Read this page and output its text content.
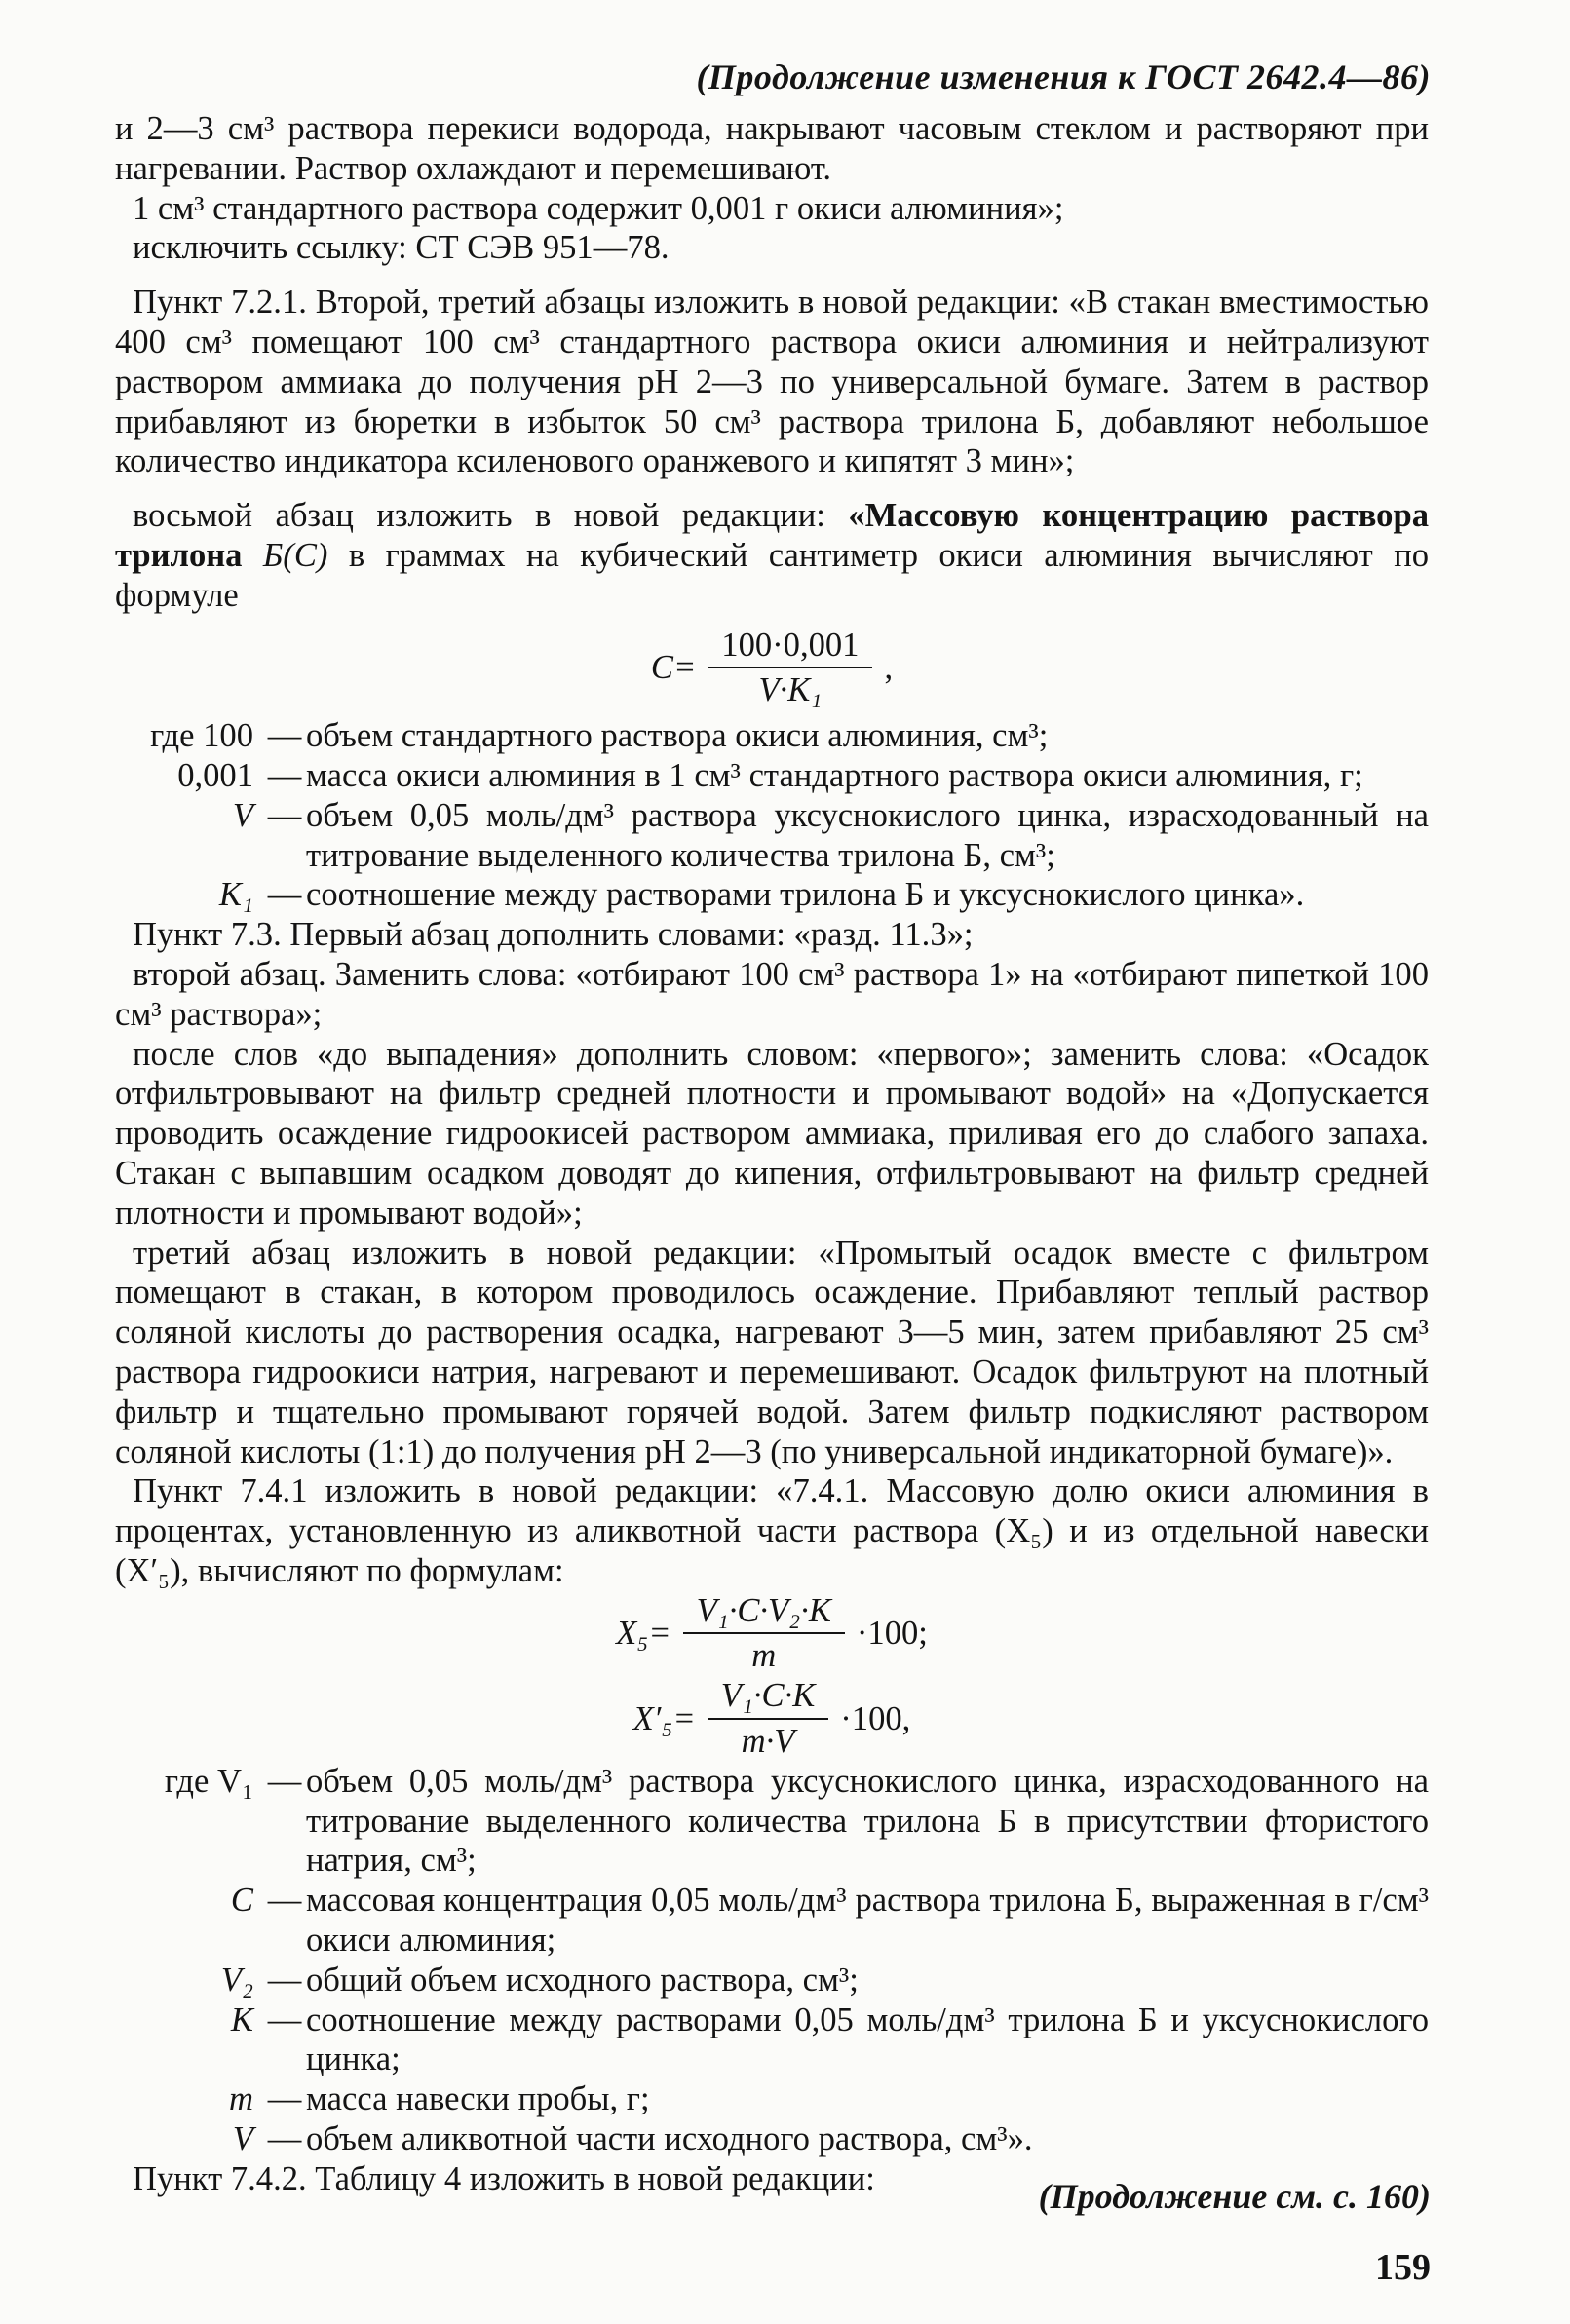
(Продолжение изменения к ГОСТ 2642.4—86)

и 2—3 см³ раствора перекиси водорода, накрывают часовым стеклом и растворяют при нагревании. Раствор охлаждают и перемешивают.

1 см³ стандартного раствора содержит 0,001 г окиси алюминия»;

исключить ссылку: СТ СЭВ 951—78.

Пункт 7.2.1. Второй, третий абзацы изложить в новой редакции: «В стакан вместимостью 400 см³ помещают 100 см³ стандартного раствора окиси алюминия и нейтрализуют раствором аммиака до получения pH 2—3 по универсальной бумаге. Затем в раствор прибавляют из бюретки в избыток 50 см³ раствора трилона Б, добавляют небольшое количество индикатора ксиленового оранжевого и кипятят 3 мин»;

восьмой абзац изложить в новой редакции: «Массовую концентрацию раствора трилона Б(С) в граммах на кубический сантиметр окиси алюминия вычисляют по формуле

$C= \frac{100\cdot 0,001}{\text{V·K₁}}$ ,
где 100 — объем стандартного раствора окиси алюминия, см³;
0,001 — масса окиси алюминия в 1 см³ стандартного раствора окиси алюминия, г;
V — объем 0,05 моль/дм³ раствора уксуснокислого цинка, израсходованный на титрование выделенного количества трилона Б, см³;
K₁ — соотношение между растворами трилона Б и уксуснокислого цинка».

Пункт 7.3. Первый абзац дополнить словами: «разд. 11.3»;

второй абзац. Заменить слова: «отбирают 100 см³ раствора 1» на «отбирают пипеткой 100 см³ раствора»;

после слов «до выпадения» дополнить словом: «первого»; заменить слова: «Осадок отфильтровывают на фильтр средней плотности и промывают водой» на «Допускается проводить осаждение гидроокисей раствором аммиака, приливая его до слабого запаха. Стакан с выпавшим осадком доводят до кипения, отфильтровывают на фильтр средней плотности и промывают водой»;

третий абзац изложить в новой редакции: «Промытый осадок вместе с фильтром помещают в стакан, в котором проводилось осаждение. Прибавляют теплый раствор соляной кислоты до растворения осадка, нагревают 3—5 мин, затем прибавляют 25 см³ раствора гидроокиси натрия, нагревают и перемешивают. Осадок фильтруют на плотный фильтр и тщательно промывают горячей водой. Затем фильтр подкисляют раствором соляной кислоты (1:1) до получения pH 2—3 (по универсальной индикаторной бумаге)».

Пункт 7.4.1 изложить в новой редакции: «7.4.1. Массовую долю окиси алюминия в процентах, установленную из аликвотной части раствора (X₅) и из отдельной навески (X′₅), вычисляют по формулам:

$X_5= \frac{\text{V₁·C·V₂·K}}{m} \cdot 100$;
$X'_5= \frac{\text{V₁·C·K}}{m\cdot V} \cdot 100$,
где V₁ — объем 0,05 моль/дм³ раствора уксуснокислого цинка, израсходованного на титрование выделенного количества трилона Б в присутствии фтористого натрия, см³;
C — массовая концентрация 0,05 моль/дм³ раствора трилона Б, выраженная в г/см³ окиси алюминия;
V₂ — общий объем исходного раствора, см³;
K — соотношение между растворами 0,05 моль/дм³ трилона Б и уксуснокислого цинка;
m — масса навески пробы, г;
V — объем аликвотной части исходного раствора, см³».

Пункт 7.4.2. Таблицу 4 изложить в новой редакции:	(Продолжение см. с. 160)
159
